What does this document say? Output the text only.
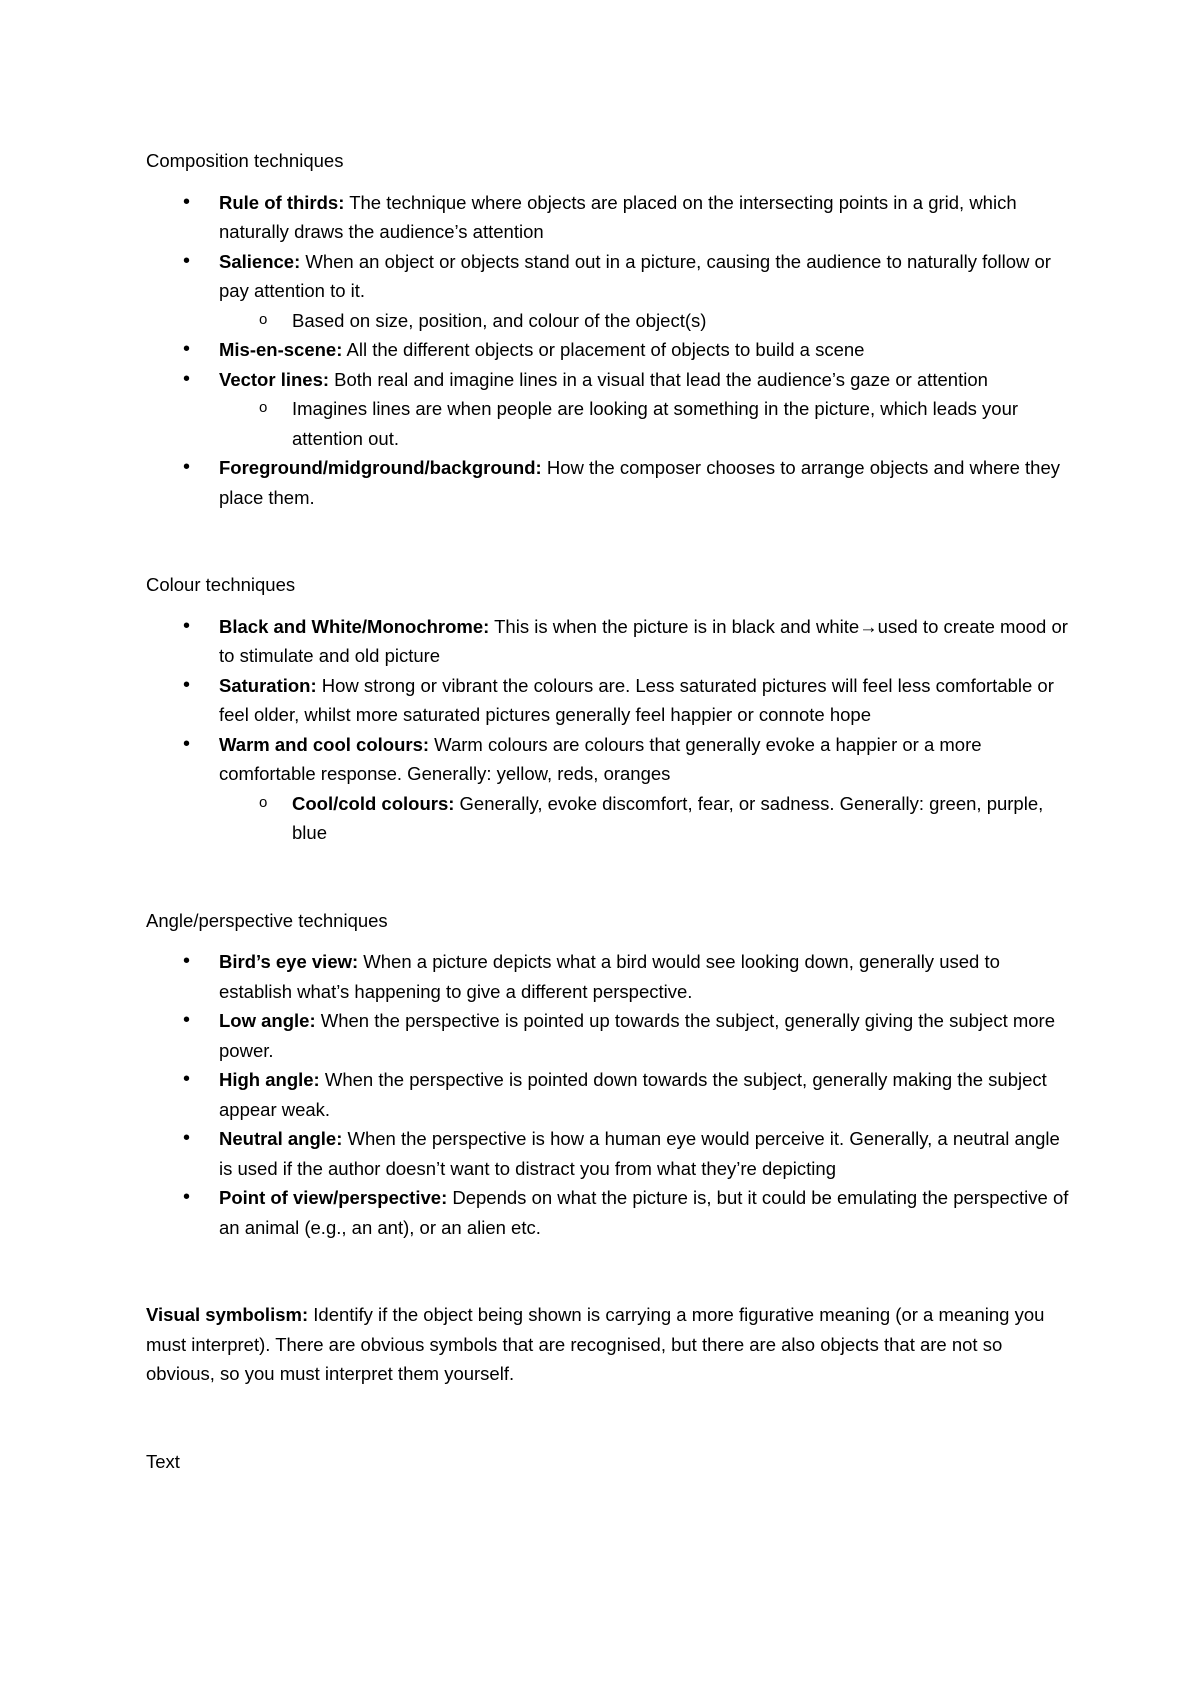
Composition techniques

• Rule of thirds: The technique where objects are placed on the intersecting points in a grid, which naturally draws the audience’s attention
• Salience: When an object or objects stand out in a picture, causing the audience to naturally follow or pay attention to it.
o Based on size, position, and colour of the object(s)
• Mis-en-scene: All the different objects or placement of objects to build a scene
• Vector lines: Both real and imagine lines in a visual that lead the audience’s gaze or attention
o Imagines lines are when people are looking at something in the picture, which leads your attention out.
• Foreground/midground/background: How the composer chooses to arrange objects and where they place them.

Colour techniques

• Black and White/Monochrome: This is when the picture is in black and white→used to create mood or to stimulate and old picture
• Saturation: How strong or vibrant the colours are. Less saturated pictures will feel less comfortable or feel older, whilst more saturated pictures generally feel happier or connote hope
• Warm and cool colours: Warm colours are colours that generally evoke a happier or a more comfortable response. Generally: yellow, reds, oranges
o Cool/cold colours: Generally, evoke discomfort, fear, or sadness. Generally: green, purple, blue

Angle/perspective techniques

• Bird’s eye view: When a picture depicts what a bird would see looking down, generally used to establish what’s happening to give a different perspective.
• Low angle: When the perspective is pointed up towards the subject, generally giving the subject more power.
• High angle: When the perspective is pointed down towards the subject, generally making the subject appear weak.
• Neutral angle: When the perspective is how a human eye would perceive it. Generally, a neutral angle is used if the author doesn’t want to distract you from what they’re depicting
• Point of view/perspective: Depends on what the picture is, but it could be emulating the perspective of an animal (e.g., an ant), or an alien etc.

Visual symbolism: Identify if the object being shown is carrying a more figurative meaning (or a meaning you must interpret). There are obvious symbols that are recognised, but there are also objects that are not so obvious, so you must interpret them yourself.

Text
